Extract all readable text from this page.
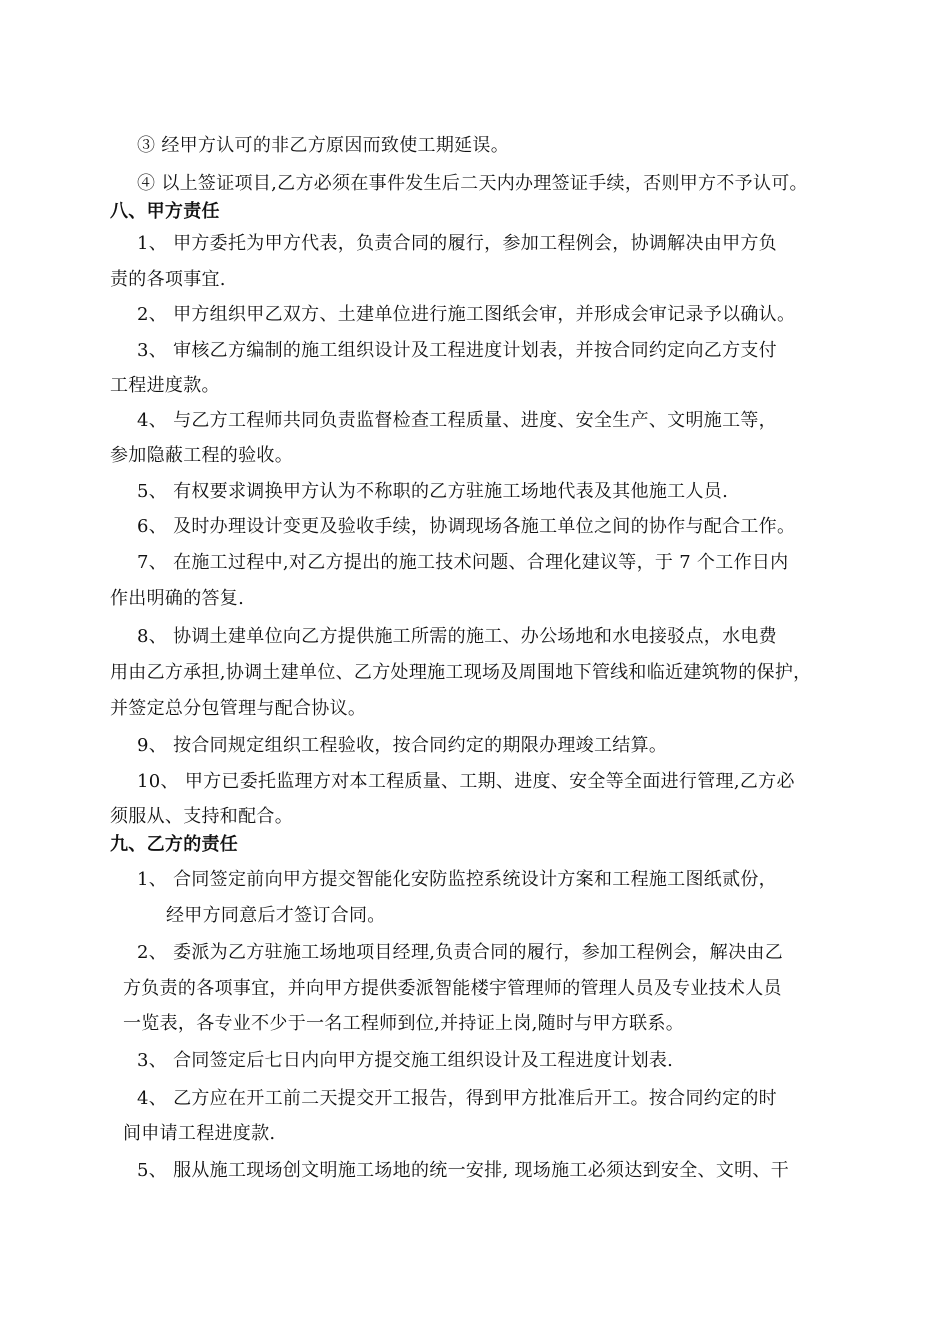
③ 经甲方认可的非乙方原因而致使工期延误。
④ 以上签证项目,乙方必须在事件发生后二天内办理签证手续，否则甲方不予认可。
八、甲方责任
1、 甲方委托为甲方代表，负责合同的履行，参加工程例会，协调解决由甲方负
责的各项事宜.
2、 甲方组织甲乙双方、土建单位进行施工图纸会审，并形成会审记录予以确认。
3、 审核乙方编制的施工组织设计及工程进度计划表，并按合同约定向乙方支付
工程进度款。
4、 与乙方工程师共同负责监督检查工程质量、进度、安全生产、文明施工等，
参加隐蔽工程的验收。
5、 有权要求调换甲方认为不称职的乙方驻施工场地代表及其他施工人员.
6、 及时办理设计变更及验收手续，协调现场各施工单位之间的协作与配合工作。
7、 在施工过程中,对乙方提出的施工技术问题、合理化建议等，于 7 个工作日内
作出明确的答复.
8、 协调土建单位向乙方提供施工所需的施工、办公场地和水电接驳点，水电费
用由乙方承担,协调土建单位、乙方处理施工现场及周围地下管线和临近建筑物的保护，
并签定总分包管理与配合协议。
9、 按合同规定组织工程验收，按合同约定的期限办理竣工结算。
10、 甲方已委托监理方对本工程质量、工期、进度、安全等全面进行管理,乙方必
须服从、支持和配合。
九、乙方的责任
1、 合同签定前向甲方提交智能化安防监控系统设计方案和工程施工图纸贰份，
经甲方同意后才签订合同。
2、 委派为乙方驻施工场地项目经理,负责合同的履行，参加工程例会，解决由乙
方负责的各项事宜，并向甲方提供委派智能楼宇管理师的管理人员及专业技术人员
一览表，各专业不少于一名工程师到位,并持证上岗,随时与甲方联系。
3、 合同签定后七日内向甲方提交施工组织设计及工程进度计划表.
4、 乙方应在开工前二天提交开工报告，得到甲方批准后开工。按合同约定的时
间申请工程进度款.
5、 服从施工现场创文明施工场地的统一安排, 现场施工必须达到安全、文明、干
